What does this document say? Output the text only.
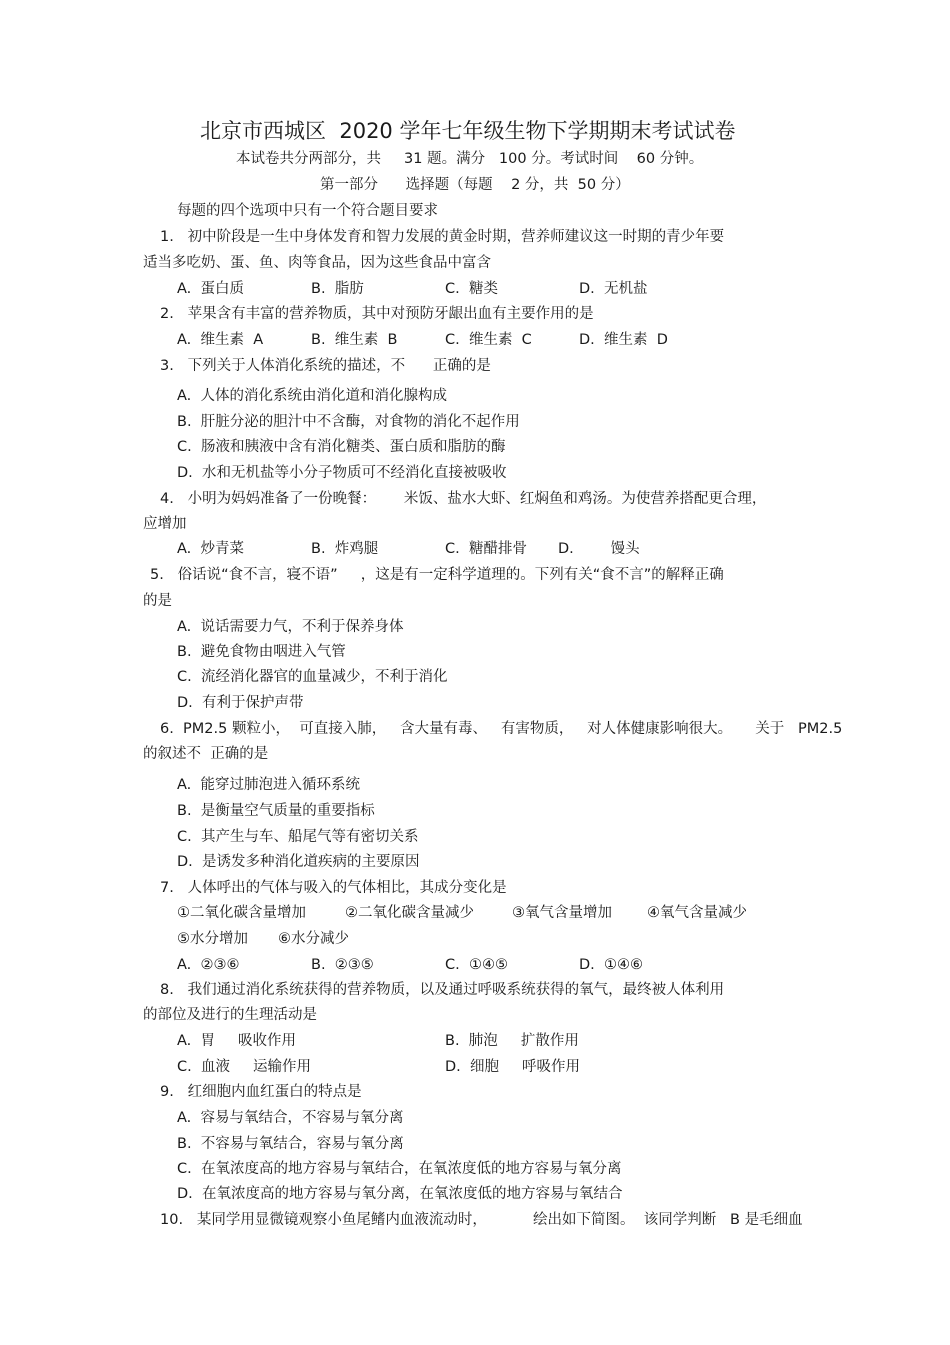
北京市西城区  2020 学年七年级生物下学期期末考试试卷
本试卷共分两部分，共     31 题。满分   100 分。考试时间    60 分钟。
第一部分      选择题（每题    2 分，共  50 分）
每题的四个选项中只有一个符合题目要求
1.   初中阶段是一生中身体发育和智力发展的黄金时期，营养师建议这一时期的青少年要
适当多吃奶、蛋、鱼、肉等食品，因为这些食品中富含
A.  蛋白质	B.  脂肪	C.  糖类	D.  无机盐
2.   苹果含有丰富的营养物质，其中对预防牙龈出血有主要作用的是
A.  维生素  A	B.  维生素  B	C.  维生素  C	D.  维生素  D
3.   下列关于人体消化系统的描述，不      正确的是
A.  人体的消化系统由消化道和消化腺构成
B.  肝脏分泌的胆汁中不含酶，对食物的消化不起作用
C.  肠液和胰液中含有消化糖类、蛋白质和脂肪的酶
D.  水和无机盐等小分子物质可不经消化直接被吸收
4.   小明为妈妈准备了一份晚餐：      米饭、盐水大虾、红焖鱼和鸡汤。为使营养搭配更合理，
应增加
A.  炒青菜	B.  炸鸡腿	C.  糖醋排骨 D.        馒头
5.   俗话说“食不言，寝不语”     ，这是有一定科学道理的。下列有关“食不言”的解释正确
的是
A.  说话需要力气，不利于保养身体
B.  避免食物由咽进入气管
C.  流经消化器官的血量减少，不利于消化
D.  有利于保护声带
6.  PM2.5 颗粒小，  可直接入肺，   含大量有毒、   有害物质，   对人体健康影响很大。     关于   PM2.5
的叙述不  正确的是
A.  能穿过肺泡进入循环系统
B.  是衡量空气质量的重要指标
C.  其产生与车、船尾气等有密切关系
D.  是诱发多种消化道疾病的主要原因
7.   人体呼出的气体与吸入的气体相比，其成分变化是
①二氧化碳含量增加	②二氧化碳含量减少	③氧气含量增加 ④氧气含量减少
⑤水分增加 ⑥水分减少
A.  ②③⑥	B.  ②③⑤	C.  ①④⑤	D.  ①④⑥
8.   我们通过消化系统获得的营养物质，以及通过呼吸系统获得的氧气，最终被人体利用
的部位及进行的生理活动是
A.  胃     吸收作用	B.  肺泡     扩散作用
C.  血液     运输作用	D.  细胞     呼吸作用
9.   红细胞内血红蛋白的特点是
A.  容易与氧结合，不容易与氧分离
B.  不容易与氧结合，容易与氧分离
C.  在氧浓度高的地方容易与氧结合，在氧浓度低的地方容易与氧分离
D.  在氧浓度高的地方容易与氧分离，在氧浓度低的地方容易与氧结合
10.   某同学用显微镜观察小鱼尾鳍内血液流动时，          绘出如下简图。  该同学判断   B 是毛细血
